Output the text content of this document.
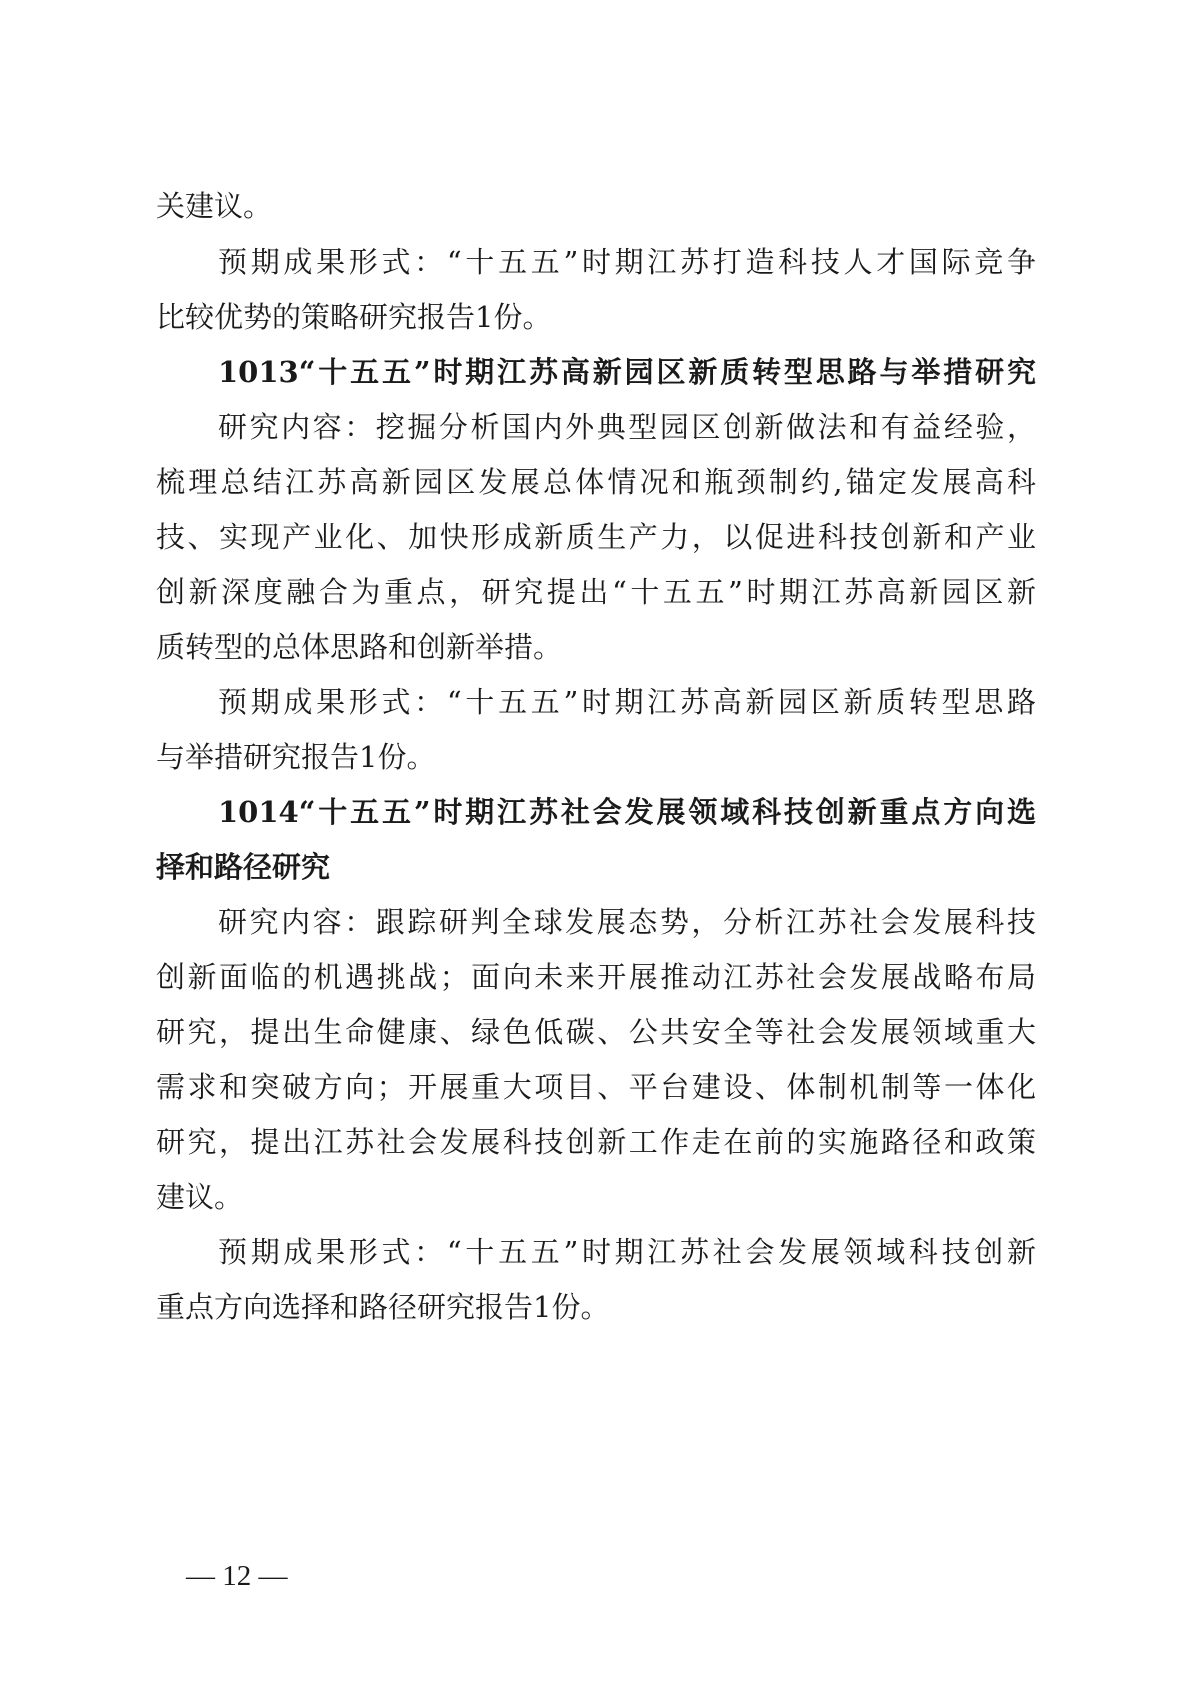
关建议。
预期成果形式：“十五五”时期江苏打造科技人才国际竞争
比较优势的策略研究报告1份。
1013“十五五”时期江苏高新园区新质转型思路与举措研究
研究内容：挖掘分析国内外典型园区创新做法和有益经验，
梳理总结江苏高新园区发展总体情况和瓶颈制约,锚定发展高科
技、实现产业化、加快形成新质生产力，以促进科技创新和产业
创新深度融合为重点，研究提出“十五五”时期江苏高新园区新
质转型的总体思路和创新举措。
预期成果形式：“十五五”时期江苏高新园区新质转型思路
与举措研究报告1份。
1014“十五五”时期江苏社会发展领域科技创新重点方向选
择和路径研究
研究内容：跟踪研判全球发展态势，分析江苏社会发展科技
创新面临的机遇挑战；面向未来开展推动江苏社会发展战略布局
研究，提出生命健康、绿色低碳、公共安全等社会发展领域重大
需求和突破方向；开展重大项目、平台建设、体制机制等一体化
研究，提出江苏社会发展科技创新工作走在前的实施路径和政策
建议。
预期成果形式：“十五五”时期江苏社会发展领域科技创新
重点方向选择和路径研究报告1份。
— 12 —
